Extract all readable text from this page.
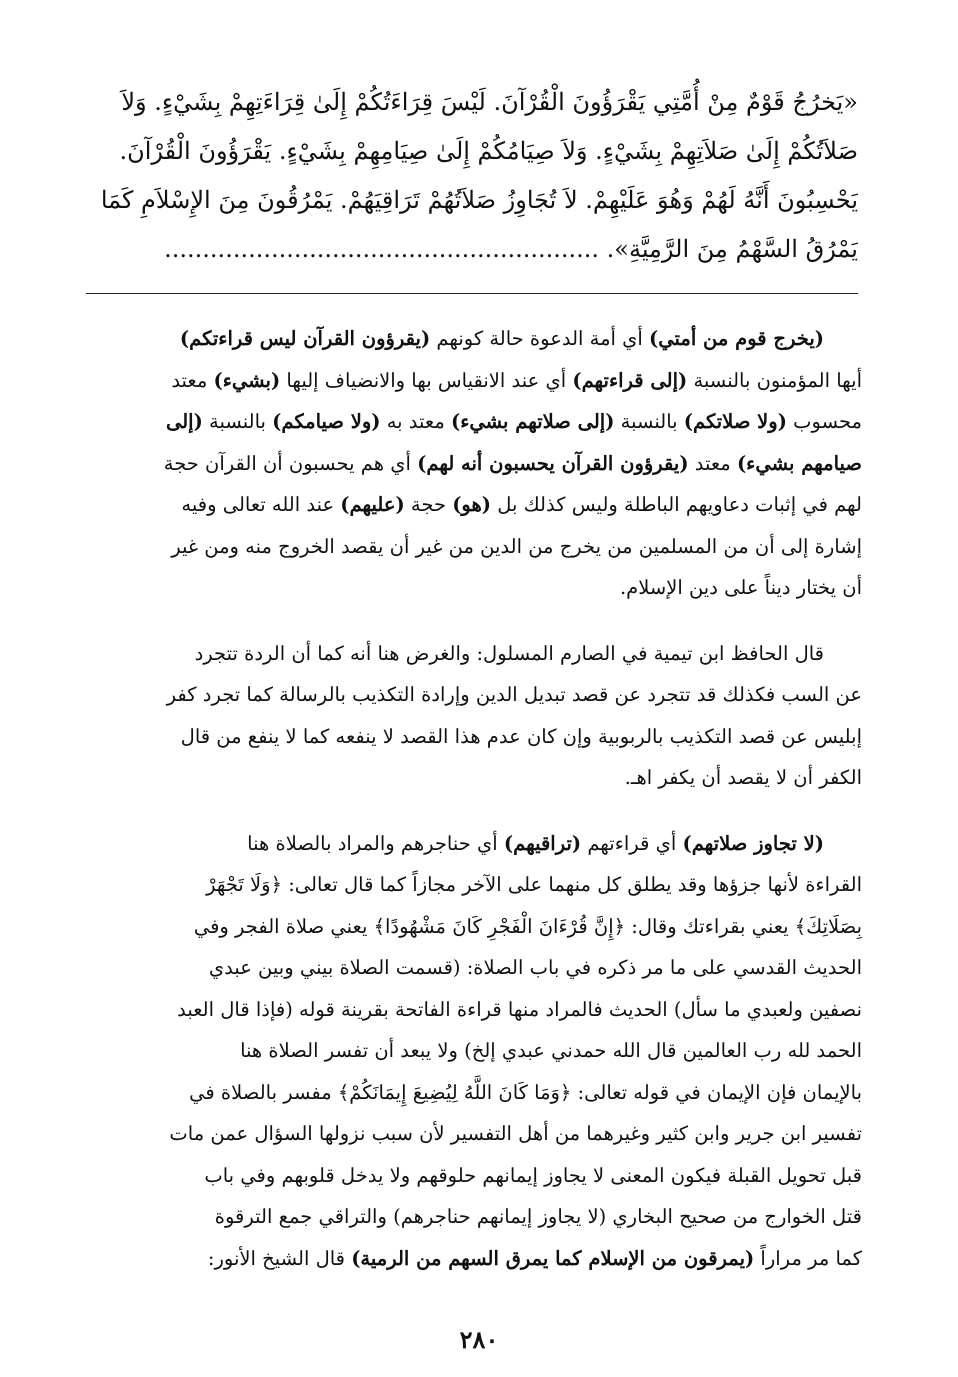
«يَخرُجُ قَوْمٌ مِنْ أُمَّتِي يَقْرَؤُونَ الْقُرْآنَ. لَيْسَ قِرَاءَتُكُمْ إِلَىٰ قِرَاءَتِهِمْ بِشَيْءٍ. وَلاَ
صَلاَتُكُمْ إِلَىٰ صَلاَتِهِمْ بِشَيْءٍ. وَلاَ صِيَامُكُمْ إِلَىٰ صِيَامِهِمْ بِشَيْءٍ. يَقْرَؤُونَ الْقُرْآنَ.
يَحْسِبُونَ أَنَّهُ لَهُمْ وَهُوَ عَلَيْهِمْ. لاَ تُجَاوِزُ صَلاَتُهُمْ تَرَاقِيَهُمْ. يَمْرُقُونَ مِنَ الإِسْلاَمِ كَمَا
يَمْرُقُ السَّهْمُ مِنَ الرَّمِيَّةِ». .........................................................
(يخرج قوم من أمتي) أي أمة الدعوة حالة كونهم (يقرؤون القرآن ليس قراءتكم)
أيها المؤمنون بالنسبة (إلى قراءتهم) أي عند الانقياس بها والانضياف إليها (بشيء) معتد
محسوب (ولا صلاتكم) بالنسبة (إلى صلاتهم بشيء) معتد به (ولا صيامكم) بالنسبة (إلى
صيامهم بشيء) معتد (يقرؤون القرآن يحسبون أنه لهم) أي هم يحسبون أن القرآن حجة
لهم في إثبات دعاويهم الباطلة وليس كذلك بل (هو) حجة (عليهم) عند الله تعالى وفيه
إشارة إلى أن من المسلمين من يخرج من الدين من غير أن يقصد الخروج منه ومن غير
أن يختار ديناً على دين الإسلام.
قال الحافظ ابن تيمية في الصارم المسلول: والغرض هنا أنه كما أن الردة تتجرد
عن السب فكذلك قد تتجرد عن قصد تبديل الدين وإرادة التكذيب بالرسالة كما تجرد كفر
إبليس عن قصد التكذيب بالربوبية وإن كان عدم هذا القصد لا ينفعه كما لا ينفع من قال
الكفر أن لا يقصد أن يكفر اهـ.
(لا تجاوز صلاتهم) أي قراءتهم (تراقيهم) أي حناجرهم والمراد بالصلاة هنا
القراءة لأنها جزؤها وقد يطلق كل منهما على الآخر مجازاً كما قال تعالى: ﴿وَلَا تَجْهَرْ
بِصَلَاتِكَ﴾ يعني بقراءتك وقال: ﴿إِنَّ قُرْءَانَ الْفَجْرِ كَانَ مَشْهُودًا﴾ يعني صلاة الفجر وفي
الحديث القدسي على ما مر ذكره في باب الصلاة: (قسمت الصلاة بيني وبين عبدي
نصفين ولعبدي ما سأل) الحديث فالمراد منها قراءة الفاتحة بقرينة قوله (فإذا قال العبد
الحمد لله رب العالمين قال الله حمدني عبدي إلخ) ولا يبعد أن تفسر الصلاة هنا
بالإيمان فإن الإيمان في قوله تعالى: ﴿وَمَا كَانَ اللَّهُ لِيُضِيعَ إِيمَانَكُمْ﴾ مفسر بالصلاة في
تفسير ابن جرير وابن كثير وغيرهما من أهل التفسير لأن سبب نزولها السؤال عمن مات
قبل تحويل القبلة فيكون المعنى لا يجاوز إيمانهم حلوقهم ولا يدخل قلوبهم وفي باب
قتل الخوارج من صحيح البخاري (لا يجاوز إيمانهم حناجرهم) والتراقي جمع الترقوة
كما مر مراراً (يمرقون من الإسلام كما يمرق السهم من الرمية) قال الشيخ الأنور:
٢٨٠
